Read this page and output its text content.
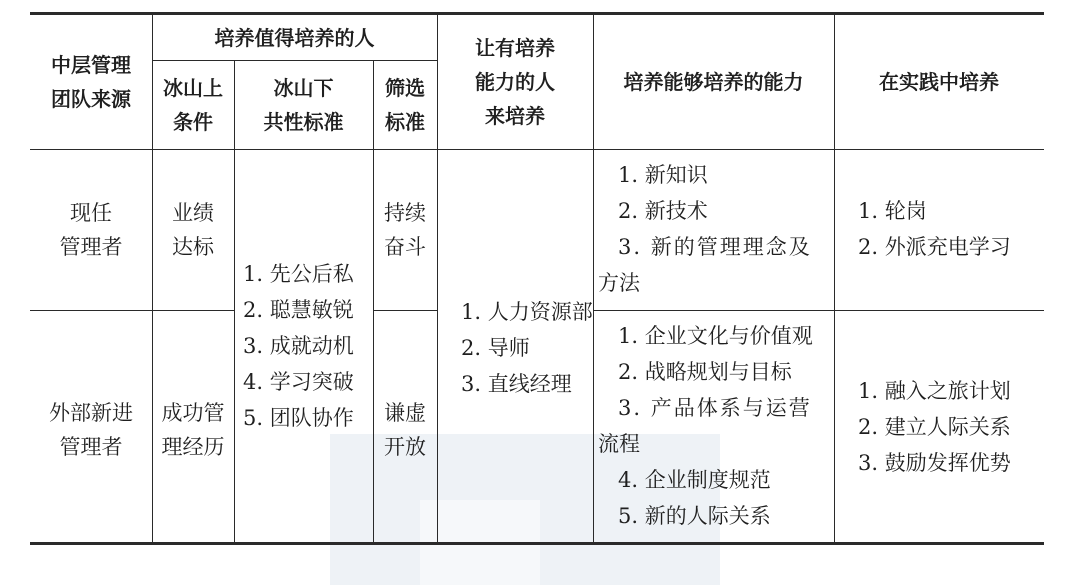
中层管理
团队来源
培养值得培养的人
冰山上
条件
冰山下
共性标准
筛选
标准
让有培养
能力的人
来培养
培养能够培养的能力	在实践中培养
现任
管理者
业绩
达标
持续
奋斗
1. 新知识
2. 新技术
3. 新的管理理念及
方法
1. 轮岗
2. 外派充电学习
1. 先公后私
2. 聪慧敏锐
3. 成就动机
4. 学习突破
5. 团队协作
1. 人力资源部
2. 导师
3. 直线经理
外部新进
管理者
成功管
理经历
谦虚
开放
1. 企业文化与价值观
2. 战略规划与目标
3. 产品体系与运营
流程
4. 企业制度规范
5. 新的人际关系
1. 融入之旅计划
2. 建立人际关系
3. 鼓励发挥优势
